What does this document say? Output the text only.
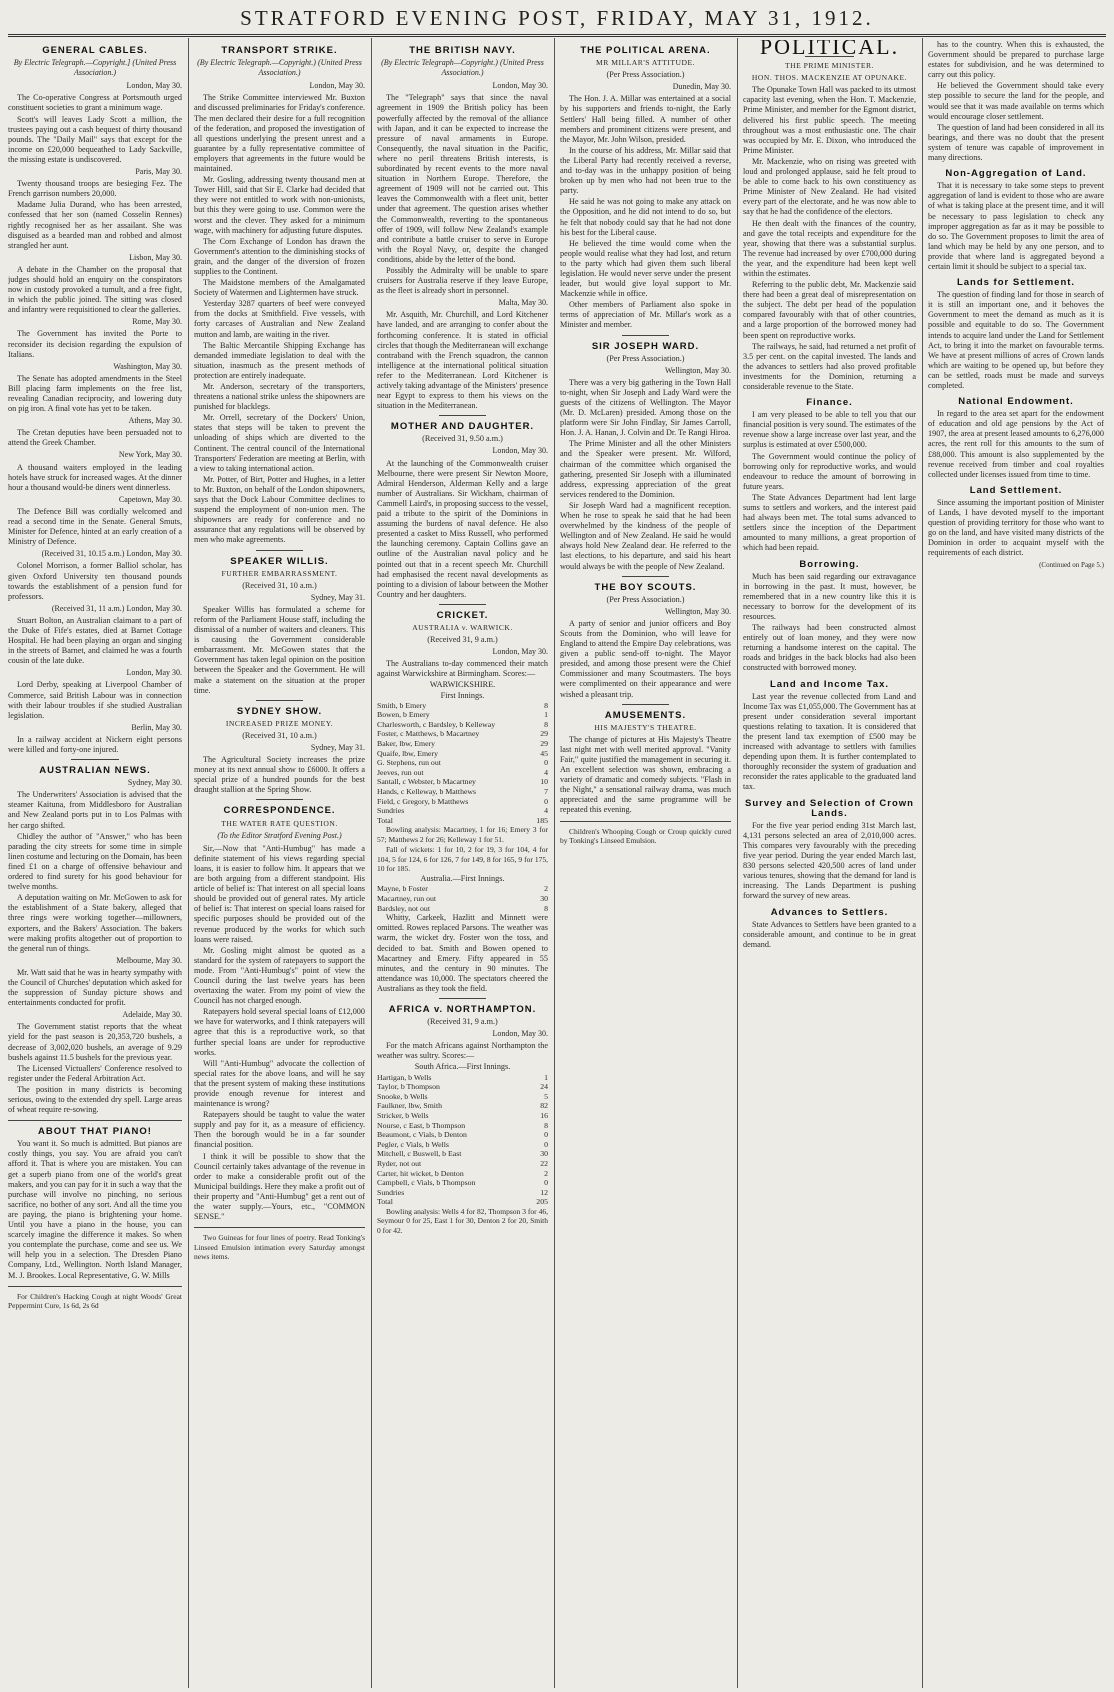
STRATFORD EVENING POST, FRIDAY, MAY 31, 1912.
GENERAL CABLES.
By Electric Telegraph.—Copyright.] (United Press Association.)
London, May 30.

The Co-operative Congress at Portsmouth urged constituent societies to grant a minimum wage.

Scott's will leaves Lady Scott a million, the trustees paying out a cash bequest of thirty thousand pounds. The "Daily Mail" says that except for the income on £20,000 bequeathed to Lady Sackville, the missing estate is undiscovered.

Paris, May 30.

Twenty thousand troops are besieging Fez. The French garrison numbers 20,000.

Madame Julia Durand, who has been arrested, confessed that her son (named Cosselin Rennes) rightly recognised her as her assailant. She was disguised as a bearded man and robbed and almost strangled her aunt.

Lisbon, May 30.

A debate in the Chamber on the proposal that judges should hold an enquiry on the conspirators now in custody provoked a tumult, and a free fight, in which the public joined. The sitting was closed and infantry were requisitioned to clear the galleries.

Rome, May 30.

The Government has invited the Porte to reconsider its decision regarding the expulsion of Italians.

Washington, May 30.

The Senate has adopted amendments in the Steel Bill placing farm implements on the free list, revealing Canadian reciprocity, and lowering duty on pig iron. A final vote has yet to be taken.

Athens, May 30.

The Cretan deputies have been persuaded not to attend the Greek Chamber.

New York, May 30.

A thousand waiters employed in the leading hotels have struck for increased wages. At the dinner hour a thousand would-be diners went dinnerless.

Capetown, May 30.

The Defence Bill was cordially welcomed and read a second time in the Senate. General Smuts, Minister for Defence, hinted at an early creation of a Ministry of Defence.

(Received 31, 10.15 a.m.) London, May 30.

Colonel Morrison, a former Balliol scholar, has given Oxford University ten thousand pounds towards the establishment of a pension fund for professors.

(Received 31, 11 a.m.) London, May 30.

Stuart Bolton, an Australian claimant to a part of the Duke of Fife's estates, died at Barnet Cottage Hospital. He had been playing an organ and singing in the streets of Barnet, and claimed he was a fourth cousin of the late duke.

London, May 30.

Lord Derby, speaking at Liverpool Chamber of Commerce, said British Labour was in connection with their labour troubles if she studied Australian legislation.

Berlin, May 30.

In a railway accident at Nickern eight persons were killed and forty-one injured.

AUSTRALIAN NEWS.
Sydney, May 30.

The Underwriters' Association is advised that the steamer Kaituna, from Middlesboro for Australian and New Zealand ports put in to Los Palmas with her cargo shifted.

Chidley the author of "Answer," who has been parading the city streets for some time in simple linen costume and lecturing on the Domain, has been fined £1 on a charge of offensive behaviour and ordered to find surety for his good behaviour for twelve months.

A deputation waiting on Mr. McGowen to ask for the establishment of a State bakery, alleged that three rings were working together—millowners, exporters, and the Bakers' Association. The bakers were making profits altogether out of proportion to the general run of things.

Melbourne, May 30.

Mr. Watt said that he was in hearty sympathy with the Council of Churches' deputation which asked for the suppression of Sunday picture shows and entertainments conducted for profit.

Adelaide, May 30.

The Government statist reports that the wheat yield for the past season is 20,353,720 bushels, a decrease of 3,002,020 bushels, an average of 9.29 bushels against 11.5 bushels for the previous year.

The Licensed Victuallers' Conference resolved to register under the Federal Arbitration Act.

The position in many districts is becoming serious, owing to the extended dry spell. Large areas of wheat require re-sowing.

ABOUT THAT PIANO!

You want it. So much is admitted. But pianos are costly things, you say. You are afraid you can't afford it. That is where you are mistaken. You can get a superb piano from one of the world's great makers, and you can pay for it in such a way that the purchase will involve no pinching, no serious sacrifice, no bother of any sort. And all the time you are paying, the piano is brightening your home. Until you have a piano in the house, you can scarcely imagine the difference it makes. So when you contemplate the purchase, come and see us. We will help you in a selection. The Dresden Piano Company, Ltd., Wellington. North Island Manager, M. J. Brookes. Local Representative, G. W. Mills

For Children's Hacking Cough at night Woods' Great Peppermint Cure, 1s 6d, 2s 6d

TRANSPORT STRIKE.
(By Electric Telegraph.—Copyright.) (United Press Association.)
London, May 30.

The Strike Committee interviewed Mr. Buxton and discussed preliminaries for Friday's conference. The men declared their desire for a full recognition of the federation, and proposed the investigation of all questions underlying the present unrest and a guarantee by a fully representative committee of employers that agreements in the future would be maintained.

Mr. Gosling, addressing twenty thousand men at Tower Hill, said that Sir E. Clarke had decided that they were not entitled to work with non-unionists, but this they were going to use. Common were the worst and the clever. They asked for a minimum wage, with machinery for adjusting future disputes.

The Corn Exchange of London has drawn the Government's attention to the diminishing stocks of grain, and the danger of the diversion of frozen supplies to the Continent.

The Maidstone members of the Amalgamated Society of Watermen and Lightermen have struck.

Yesterday 3287 quarters of beef were conveyed from the docks at Smithfield. Five vessels, with forty carcases of Australian and New Zealand mutton and lamb, are waiting in the river.

The Baltic Mercantile Shipping Exchange has demanded immediate legislation to deal with the situation, inasmuch as the present methods of protection are entirely inadequate.

Mr. Anderson, secretary of the transporters, threatens a national strike unless the shipowners are punished for blacklegs.

Mr. Orrell, secretary of the Dockers' Union, states that steps will be taken to prevent the unloading of ships which are diverted to the Continent. The central council of the International Transporters' Federation are meeting at Berlin, with a view to taking international action.

Mr. Potter, of Birt, Potter and Hughes, in a letter to Mr. Buxton, on behalf of the London shipowners, says that the Dock Labour Committee declines to suspend the employment of non-union men. The shipowners are ready for conference and no assurance that any regulations will be observed by men who make agreements.

SPEAKER WILLIS.
FURTHER EMBARRASSMENT.
(Received 31, 10 a.m.)
Sydney, May 31.

Speaker Willis has formulated a scheme for reform of the Parliament House staff, including the dismissal of a number of waiters and cleaners. This is causing the Government considerable embarrassment. Mr. McGowen states that the Government has taken legal opinion on the position between the Speaker and the Government. He will make a statement on the situation at the proper time.

SYDNEY SHOW.
INCREASED PRIZE MONEY.
(Received 31, 10 a.m.)
Sydney, May 31.

The Agricultural Society increases the prize money at its next annual show to £6000. It offers a special prize of a hundred pounds for the best draught stallion at the Spring Show.

CORRESPONDENCE.
THE WATER RATE QUESTION.
(To the Editor Stratford Evening Post.)

Sir,—Now that "Anti-Humbug" has made a definite statement of his views regarding special loans, it is easier to follow him. It appears that we are both arguing from a different standpoint. His article of belief is: That interest on all special loans should be provided out of general rates. My article of belief is: That interest on special loans raised for specific purposes should be provided out of the revenue produced by the works for which such loans were raised.

Mr. Gosling might almost be quoted as a standard for the system of ratepayers to support the mode. From "Anti-Humbug's" point of view the Council during the last twelve years has been overtaxing the water. From my point of view the Council has not charged enough.

Ratepayers hold several special loans of £12,000 we have for waterworks, and I think ratepayers will agree that this is a reproductive work, so that further special loans are under for reproductive works.

Will "Anti-Humbug" advocate the collection of special rates for the above loans, and will he say that the present system of making these institutions provide enough revenue for interest and maintenance is wrong?

Ratepayers should be taught to value the water supply and pay for it, as a measure of efficiency. Then the borough would be in a far sounder financial position.

I think it will be possible to show that the Council certainly takes advantage of the revenue in order to make a considerable profit out of the Municipal buildings. Here they make a profit out of their property and "Anti-Humbug" get a rent out of the water supply.—Yours, etc., "COMMON SENSE."

Two Guineas for four lines of poetry. Read Tonking's Linseed Emulsion intimation every Saturday amongst news items.

THE BRITISH NAVY.
(By Electric Telegraph—Copyright.) (United Press Association.)
London, May 30.

The "Telegraph" says that since the naval agreement in 1909 the British policy has been powerfully affected by the removal of the alliance with Japan, and it can be expected to increase the pressure of naval armaments in Europe. Consequently, the naval situation in the Pacific, where no peril threatens British interests, is subordinated by recent events to the more naval situation in Northern Europe. Therefore, the agreement of 1909 will not be carried out. This leaves the Commonwealth with a fleet unit, better under that agreement. The question arises whether the Commonwealth, reverting to the spontaneous offer of 1909, will follow New Zealand's example and contribute a battle cruiser to serve in Europe with the Royal Navy, or, despite the changed conditions, abide by the letter of the bond.

Possibly the Admiralty will be unable to spare cruisers for Australia reserve if they leave Europe, as the fleet is already short in personnel.

Malta, May 30.

Mr. Asquith, Mr. Churchill, and Lord Kitchener have landed, and are arranging to confer about the forthcoming conference. It is stated in official circles that though the Mediterranean will exchange contraband with the French squadron, the cannon intelligence at the international political situation refer to the Mediterranean. Lord Kitchener is actively taking advantage of the Ministers' presence near Egypt to express to them his views on the situation in the Mediterranean.

MOTHER AND DAUGHTER.
(Received 31, 9.50 a.m.)
London, May 30.

At the launching of the Commonwealth cruiser Melbourne, there were present Sir Newton Moore, Admiral Henderson, Alderman Kelly and a large number of Australians. Sir Wickham, chairman of Cammell Laird's, in proposing success to the vessel, paid a tribute to the spirit of the Dominions in assuming the burdens of naval defence. He also presented a casket to Miss Russell, who performed the launching ceremony. Captain Collins gave an outline of the Australian naval policy and he pointed out that in a recent speech Mr. Churchill had emphasised the recent naval developments as pointing to a division of labour between the Mother Country and her daughters.

CRICKET.
AUSTRALIA v. WARWICK.
(Received 31, 9 a.m.)
London, May 30.

The Australians to-day commenced their match against Warwickshire at Birmingham. Scores:—

WARWICKSHIRE.
First Innings.
Smith, b Emery	8
Bowen, b Emery	1
Charlesworth, c Bardsley, b Kelleway	8
Foster, c Matthews, b Macartney	29
Baker, lbw, Emery	29
Quaife, lbw, Emery	45
G. Stephens, run out	0
Jeeves, run out	4
Santall, c Webster, b Macartney	10
Hands, c Kelleway, b Matthews	7
Field, c Gregory, b Matthews	0
Sundries	4
Total	185

Bowling analysis: Macartney, 1 for 16; Emery 3 for 57; Matthews 2 for 26; Kelleway 1 for 51.

Fall of wickets: 1 for 10, 2 for 19, 3 for 104, 4 for 104, 5 for 124, 6 for 126, 7 for 149, 8 for 165, 9 for 175, 10 for 185.

Australia.—First Innings.
Mayne, b Foster	2
Macartney, run out	30
Bardsley, not out	8

Whitty, Carkeek, Hazlitt and Minnett were omitted. Rowes replaced Parsons. The weather was warm, the wicket dry. Foster won the toss, and decided to bat. Smith and Bowen opened to Macartney and Emery. Fifty appeared in 55 minutes, and the century in 90 minutes. The attendance was 10,000. The spectators cheered the Australians as they took the field.

AFRICA v. NORTHAMPTON.
(Received 31, 9 a.m.)
London, May 30.

For the match Africans against Northampton the weather was sultry. Scores:—

South Africa.—First Innings.
Hartigan, b Wells	1
Taylor, b Thompson	24
Snooke, b Wells	5
Faulkner, lbw, Smith	82
Stricker, b Wells	16
Nourse, c East, b Thompson	8
Beaumont, c Vials, b Denton	0
Pegler, c Vials, b Wells	0
Mitchell, c Buswell, b East	30
Ryder, not out	22
Carter, hit wicket, b Denton	2
Campbell, c Vials, b Thompson	0
Sundries	12
Total	205

Bowling analysis: Wells 4 for 82, Thompson 3 for 46, Seymour 0 for 25, East 1 for 30, Denton 2 for 20, Smith 0 for 42.

THE POLITICAL ARENA.
MR MILLAR'S ATTITUDE.
(Per Press Association.)
Dunedin, May 30.

The Hon. J. A. Millar was entertained at a social by his supporters and friends to-night, the Early Settlers' Hall being filled. A number of other members and prominent citizens were present, and the Mayor, Mr. John Wilson, presided.

In the course of his address, Mr. Millar said that the Liberal Party had recently received a reverse, and to-day was in the unhappy position of being broken up by men who had not been true to the party.

He said he was not going to make any attack on the Opposition, and he did not intend to do so, but he felt that nobody could say that he had not done his best for the Liberal cause.

He believed the time would come when the people would realise what they had lost, and return to the party which had given them such liberal legislation. He would never serve under the present leader, but would give loyal support to Mr. Mackenzie while in office.

Other members of Parliament also spoke in terms of appreciation of Mr. Millar's work as a Minister and member.

SIR JOSEPH WARD.
(Per Press Association.)
Wellington, May 30.

There was a very big gathering in the Town Hall to-night, when Sir Joseph and Lady Ward were the guests of the citizens of Wellington. The Mayor (Mr. D. McLaren) presided. Among those on the platform were Sir John Findlay, Sir James Carroll, Hon. J. A. Hanan, J. Colvin and Dr. Te Rangi Hiroa.

The Prime Minister and all the other Ministers and the Speaker were present. Mr. Wilford, chairman of the committee which organised the gathering, presented Sir Joseph with a illuminated address, expressing appreciation of the great services rendered to the Dominion.

Sir Joseph Ward had a magnificent reception. When he rose to speak he said that he had been overwhelmed by the kindness of the people of Wellington and of New Zealand. He said he would always hold New Zealand dear. He referred to the last elections, to his departure, and said his heart would always be with the people of New Zealand.

THE BOY SCOUTS.
(Per Press Association.)
Wellington, May 30.

A party of senior and junior officers and Boy Scouts from the Dominion, who will leave for England to attend the Empire Day celebrations, was given a public send-off to-night. The Mayor presided, and among those present were the Chief Commissioner and many Scoutmasters. The boys were complimented on their appearance and were wished a pleasant trip.

AMUSEMENTS.
HIS MAJESTY'S THEATRE.

The change of pictures at His Majesty's Theatre last night met with well merited approval. "Vanity Fair," quite justified the management in securing it. An excellent selection was shown, embracing a variety of dramatic and comedy subjects. "Flash in the Night," a sensational railway drama, was much appreciated and the same programme will be repeated this evening.

Children's Whooping Cough or Croup quickly cured by Tonking's Linseed Emulsion.

POLITICAL.
THE PRIME MINISTER.
HON. THOS. MACKENZIE AT OPUNAKE.

The Opunake Town Hall was packed to its utmost capacity last evening, when the Hon. T. Mackenzie, Prime Minister, and member for the Egmont district, delivered his first public speech. The meeting throughout was a most enthusiastic one. The chair was occupied by Mr. E. Dixon, who introduced the Prime Minister.

Mr. Mackenzie, who on rising was greeted with loud and prolonged applause, said he felt proud to be able to come back to his own constituency as Prime Minister of New Zealand. He had visited every part of the electorate, and he was now able to say that he had the confidence of the electors.

He then dealt with the finances of the country, and gave the total receipts and expenditure for the year, showing that there was a substantial surplus. The revenue had increased by over £700,000 during the year, and the expenditure had been kept well within the estimates.

Referring to the public debt, Mr. Mackenzie said there had been a great deal of misrepresentation on the subject. The debt per head of the population compared favourably with that of other countries, and a large proportion of the borrowed money had been spent on reproductive works.

The railways, he said, had returned a net profit of 3.5 per cent. on the capital invested. The lands and the advances to settlers had also proved profitable investments for the Dominion, returning a considerable revenue to the State.

Finance.

I am very pleased to be able to tell you that our financial position is very sound. The estimates of the revenue show a large increase over last year, and the surplus is estimated at over £500,000.

The Government would continue the policy of borrowing only for reproductive works, and would endeavour to reduce the amount of borrowing in future years.

The State Advances Department had lent large sums to settlers and workers, and the interest paid had always been met. The total sums advanced to settlers since the inception of the Department amounted to many millions, a great proportion of which had been repaid.

Borrowing.

Much has been said regarding our extravagance in borrowing in the past. It must, however, be remembered that in a new country like this it is necessary to borrow for the development of its resources.

The railways had been constructed almost entirely out of loan money, and they were now returning a handsome interest on the capital. The roads and bridges in the back blocks had also been constructed with borrowed money.

Land and Income Tax.

Last year the revenue collected from Land and Income Tax was £1,055,000. The Government has at present under consideration several important questions relating to taxation. It is considered that the present land tax exemption of £500 may be increased with advantage to settlers with families depending upon them. It is further contemplated to thoroughly reconsider the system of graduation and reconsider the rates applicable to the graduated land tax.

Survey and Selection of Crown Lands.

For the five year period ending 31st March last, 4,131 persons selected an area of 2,010,000 acres. This compares very favourably with the preceding five year period. During the year ended March last, 830 persons selected 420,500 acres of land under various tenures, showing that the demand for land is increasing. The Lands Department is pushing forward the survey of new areas.

Advances to Settlers.

State Advances to Settlers have been granted to a considerable amount, and continue to be in great demand.

has to the country. When this is exhausted, the Government should be prepared to purchase large estates for subdivision, and he was determined to carry out this policy.

He believed the Government should take every step possible to secure the land for the people, and would see that it was made available on terms which would encourage closer settlement.

The question of land had been considered in all its bearings, and there was no doubt that the present system of tenure was capable of improvement in many directions.

Non-Aggregation of Land.

That it is necessary to take some steps to prevent aggregation of land is evident to those who are aware of what is taking place at the present time, and it will be necessary to pass legislation to check any improper aggregation as far as it may be possible to do so. The Government proposes to limit the area of land which may be held by any one person, and to provide that where land is aggregated beyond a certain limit it should be subject to a special tax.

Lands for Settlement.

The question of finding land for those in search of it is still an important one, and it behoves the Government to meet the demand as much as it is possible and equitable to do so. The Government intends to acquire land under the Land for Settlement Act, to bring it into the market on favourable terms. We have at present millions of acres of Crown lands which are waiting to be opened up, but before they can be settled, roads must be made and surveys completed.

National Endowment.

In regard to the area set apart for the endowment of education and old age pensions by the Act of 1907, the area at present leased amounts to 6,276,000 acres, the rent roll for this amounts to the sum of £88,000. This amount is also supplemented by the revenue received from timber and coal royalties collected under licenses issued from time to time.

Land Settlement.

Since assuming the important position of Minister of Lands, I have devoted myself to the important question of providing territory for those who want to go on the land, and have visited many districts of the Dominion in order to acquaint myself with the requirements of each district.

(Continued on Page 5.)
